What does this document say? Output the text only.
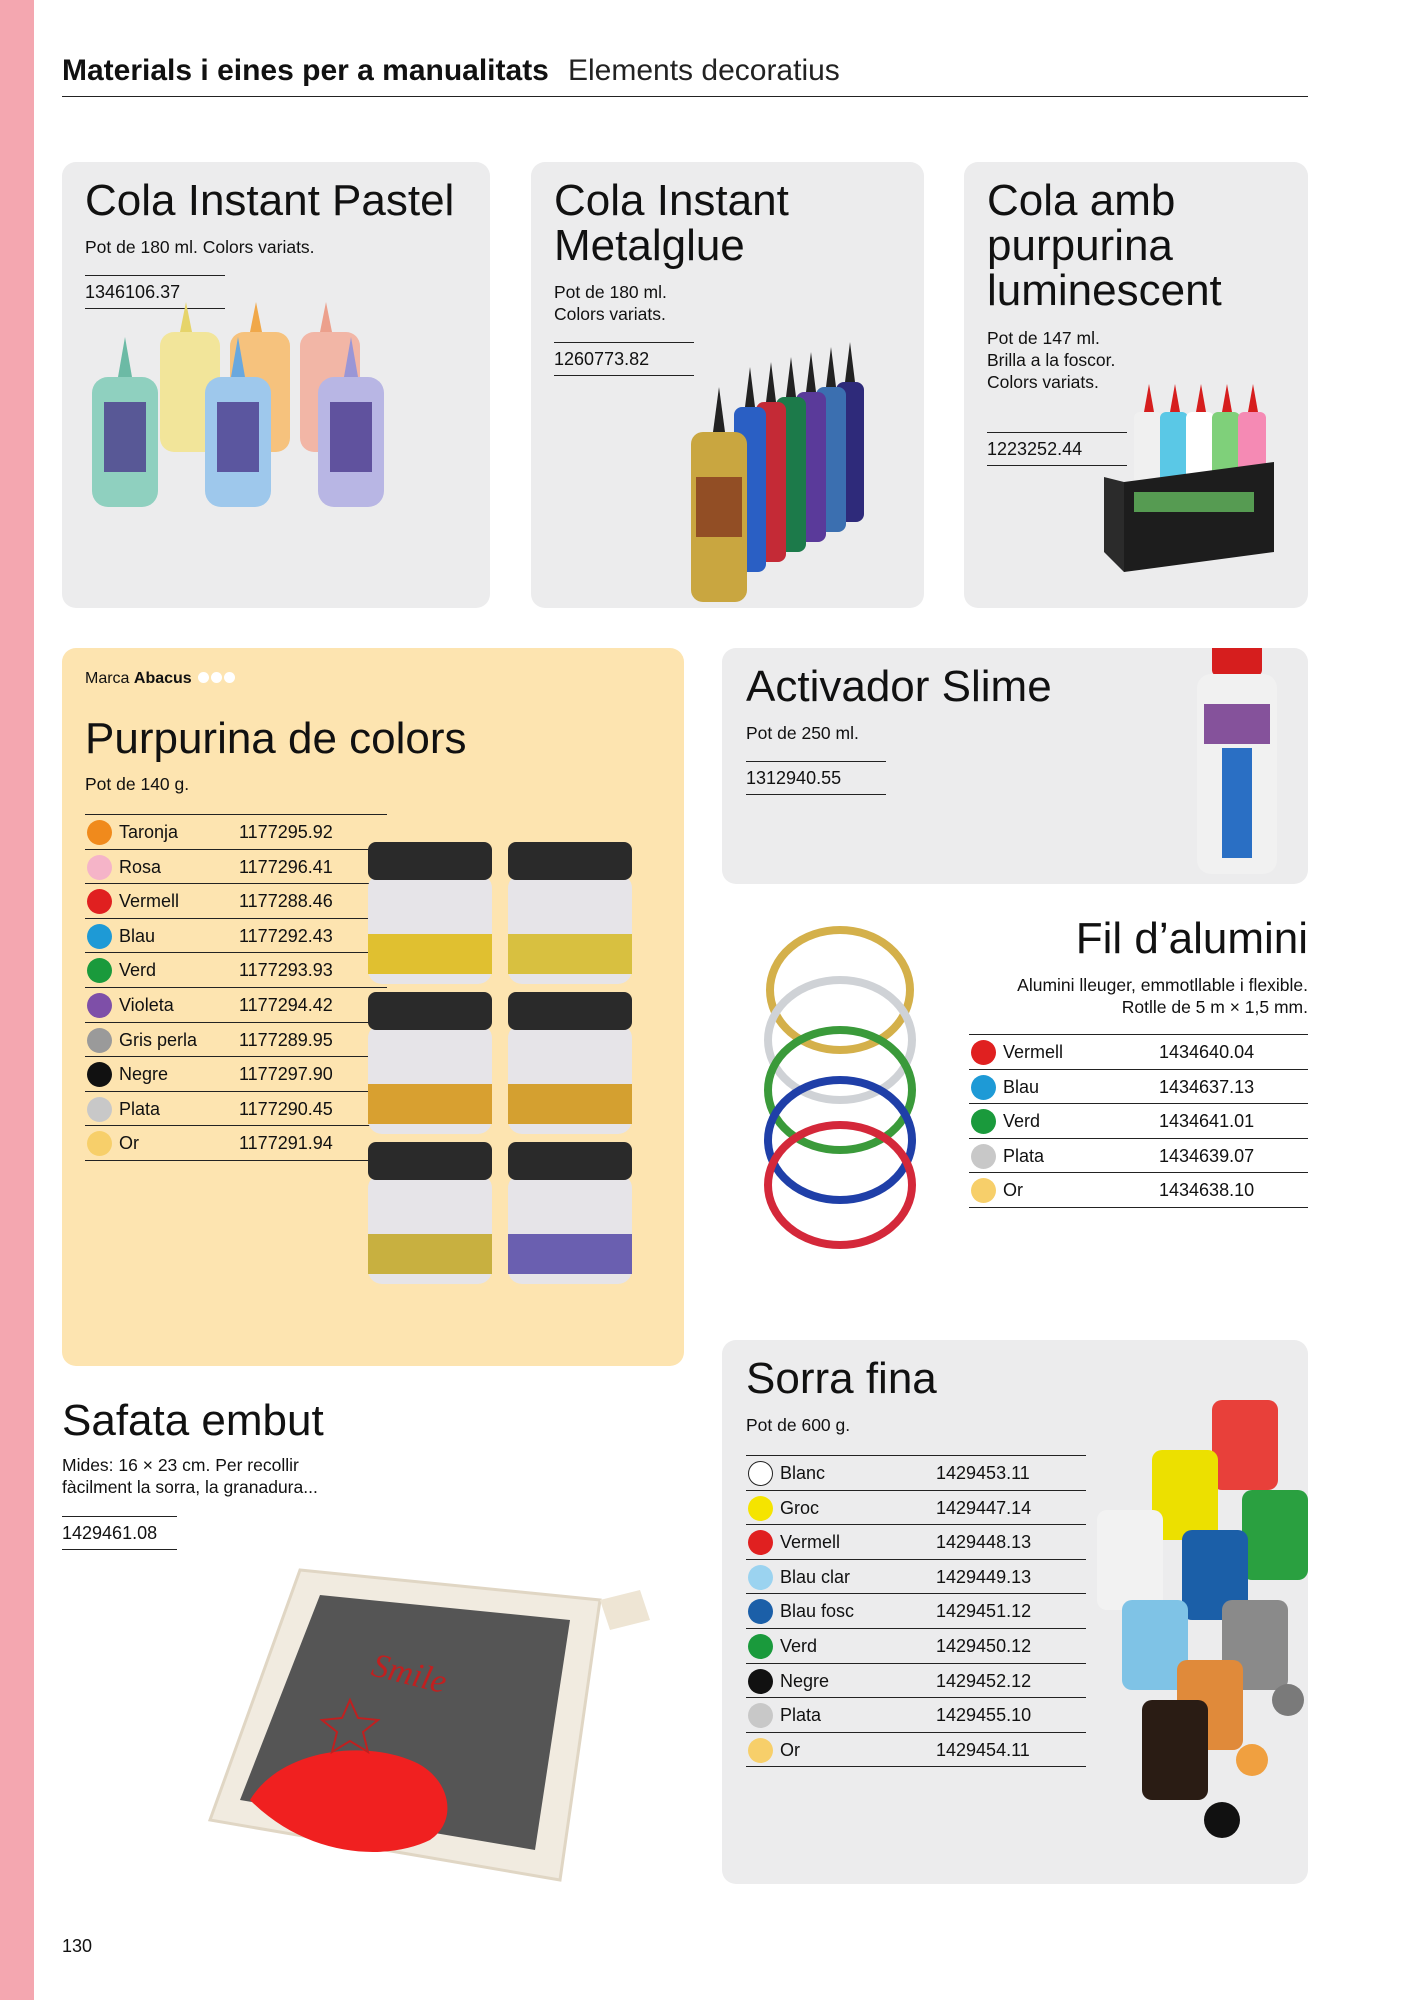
Materials i eines per a manualitats Elements decoratius
Cola Instant Pastel
Pot de 180 ml. Colors variats.
1346106.37
Cola Instant
Metalglue
Pot de 180 ml.
Colors variats.
1260773.82
Cola amb
purpurina
luminescent
Pot de 147 ml.
Brilla a la foscor.
Colors variats.
1223252.44
Marca Abacus
Purpurina de colors
Pot de 140 g.
Taronja	1177295.92
Rosa	1177296.41
Vermell	1177288.46
Blau	1177292.43
Verd	1177293.93
Violeta	1177294.42
Gris perla 1177289.95
Negre	1177297.90
Plata	1177290.45
Or	1177291.94
Activador Slime
Pot de 250 ml.
1312940.55
Fil d’alumini
Alumini lleuger, emmotllable i flexible.
Rotlle de 5 m × 1,5 mm.
Vermell	1434640.04
Blau	1434637.13
Verd	1434641.01
Plata	1434639.07
Or	1434638.10
Safata embut
Mides: 16 × 23 cm. Per recollir
fàcilment la sorra, la granadura...
1429461.08
Smile
Sorra fina
Pot de 600 g.
Blanc	1429453.11
Groc	1429447.14
Vermell	1429448.13
Blau clar	1429449.13
Blau fosc	1429451.12
Verd	1429450.12
Negre	1429452.12
Plata	1429455.10
Or	1429454.11
130
